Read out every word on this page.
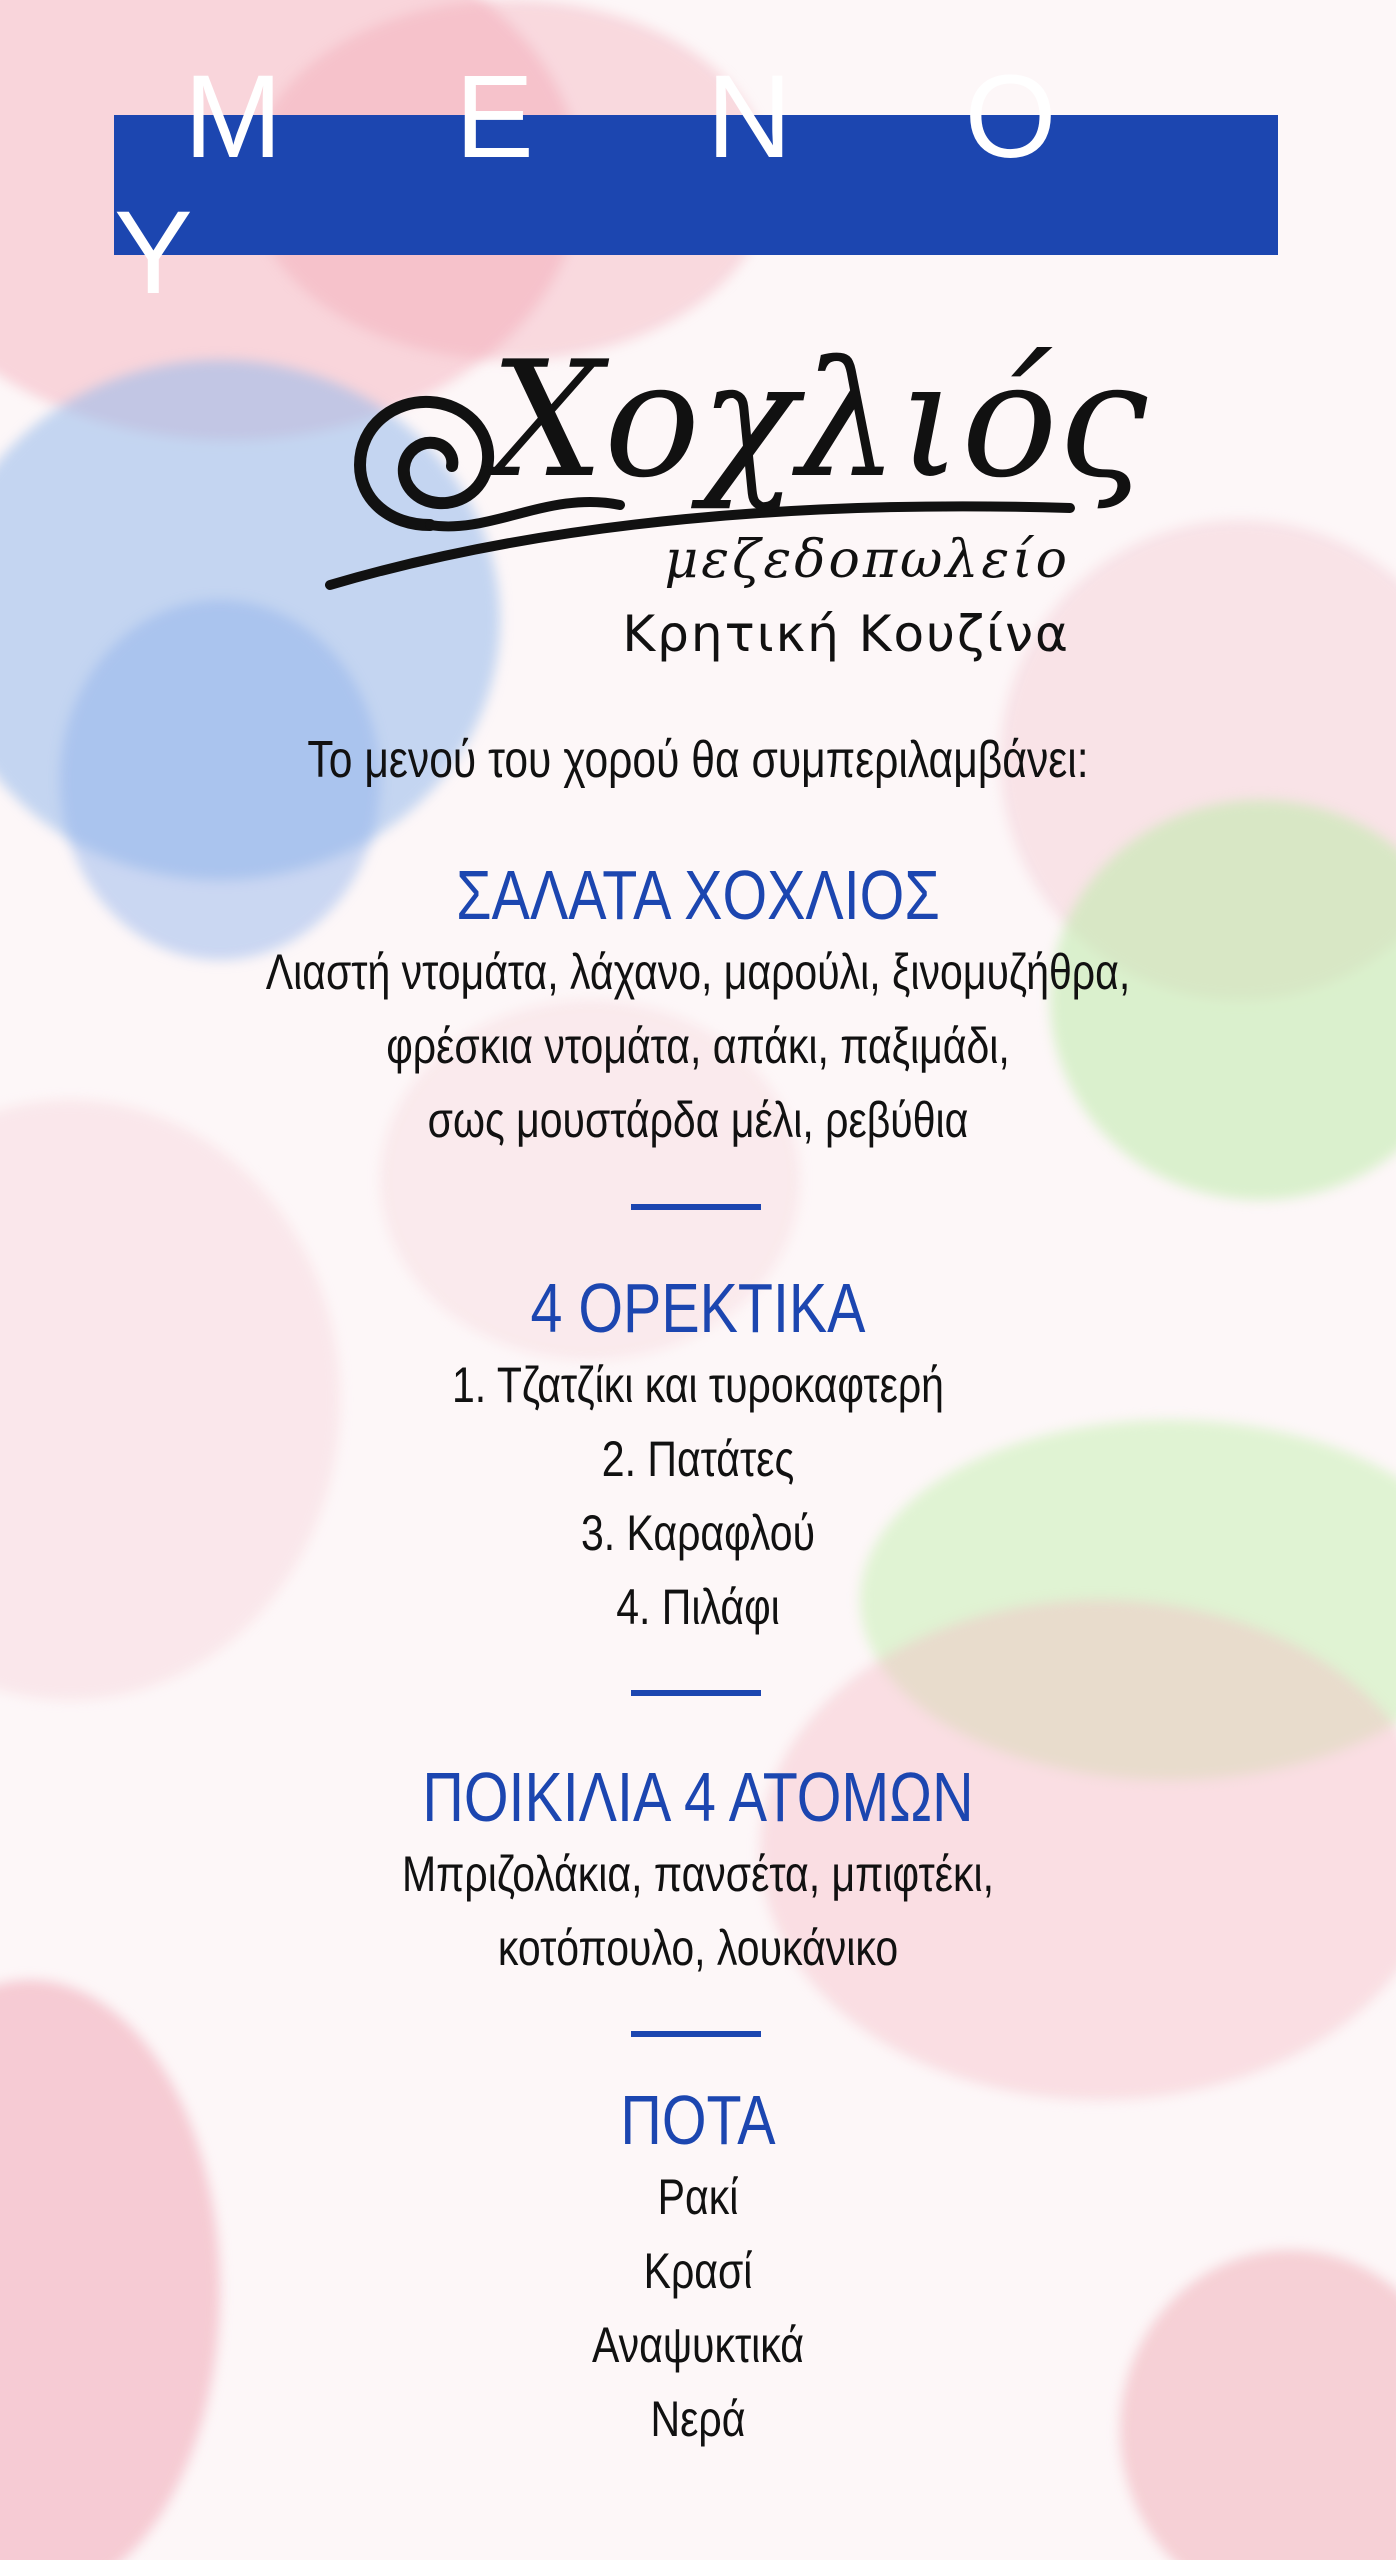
M E N O Y
Χοχλιός
μεζεδοπωλείο
Κρητική Κουζίνα
Το μενού του χορού θα συμπεριλαμβάνει:
ΣΑΛΑΤΑ ΧΟΧΛΙΟΣ
Λιαστή ντομάτα, λάχανο, μαρούλι, ξινομυζήθρα,
φρέσκια ντομάτα, απάκι, παξιμάδι,
σως μουστάρδα μέλι, ρεβύθια
4 ΟΡΕΚΤΙΚΑ
1. Τζατζίκι και τυροκαφτερή
2. Πατάτες
3. Καραφλού
4. Πιλάφι
ΠΟΙΚΙΛΙΑ 4 ΑΤΟΜΩΝ
Μπριζολάκια, πανσέτα, μπιφτέκι,
κοτόπουλο, λουκάνικο
ΠΟΤΑ
Ρακί
Κρασί
Αναψυκτικά
Νερά
